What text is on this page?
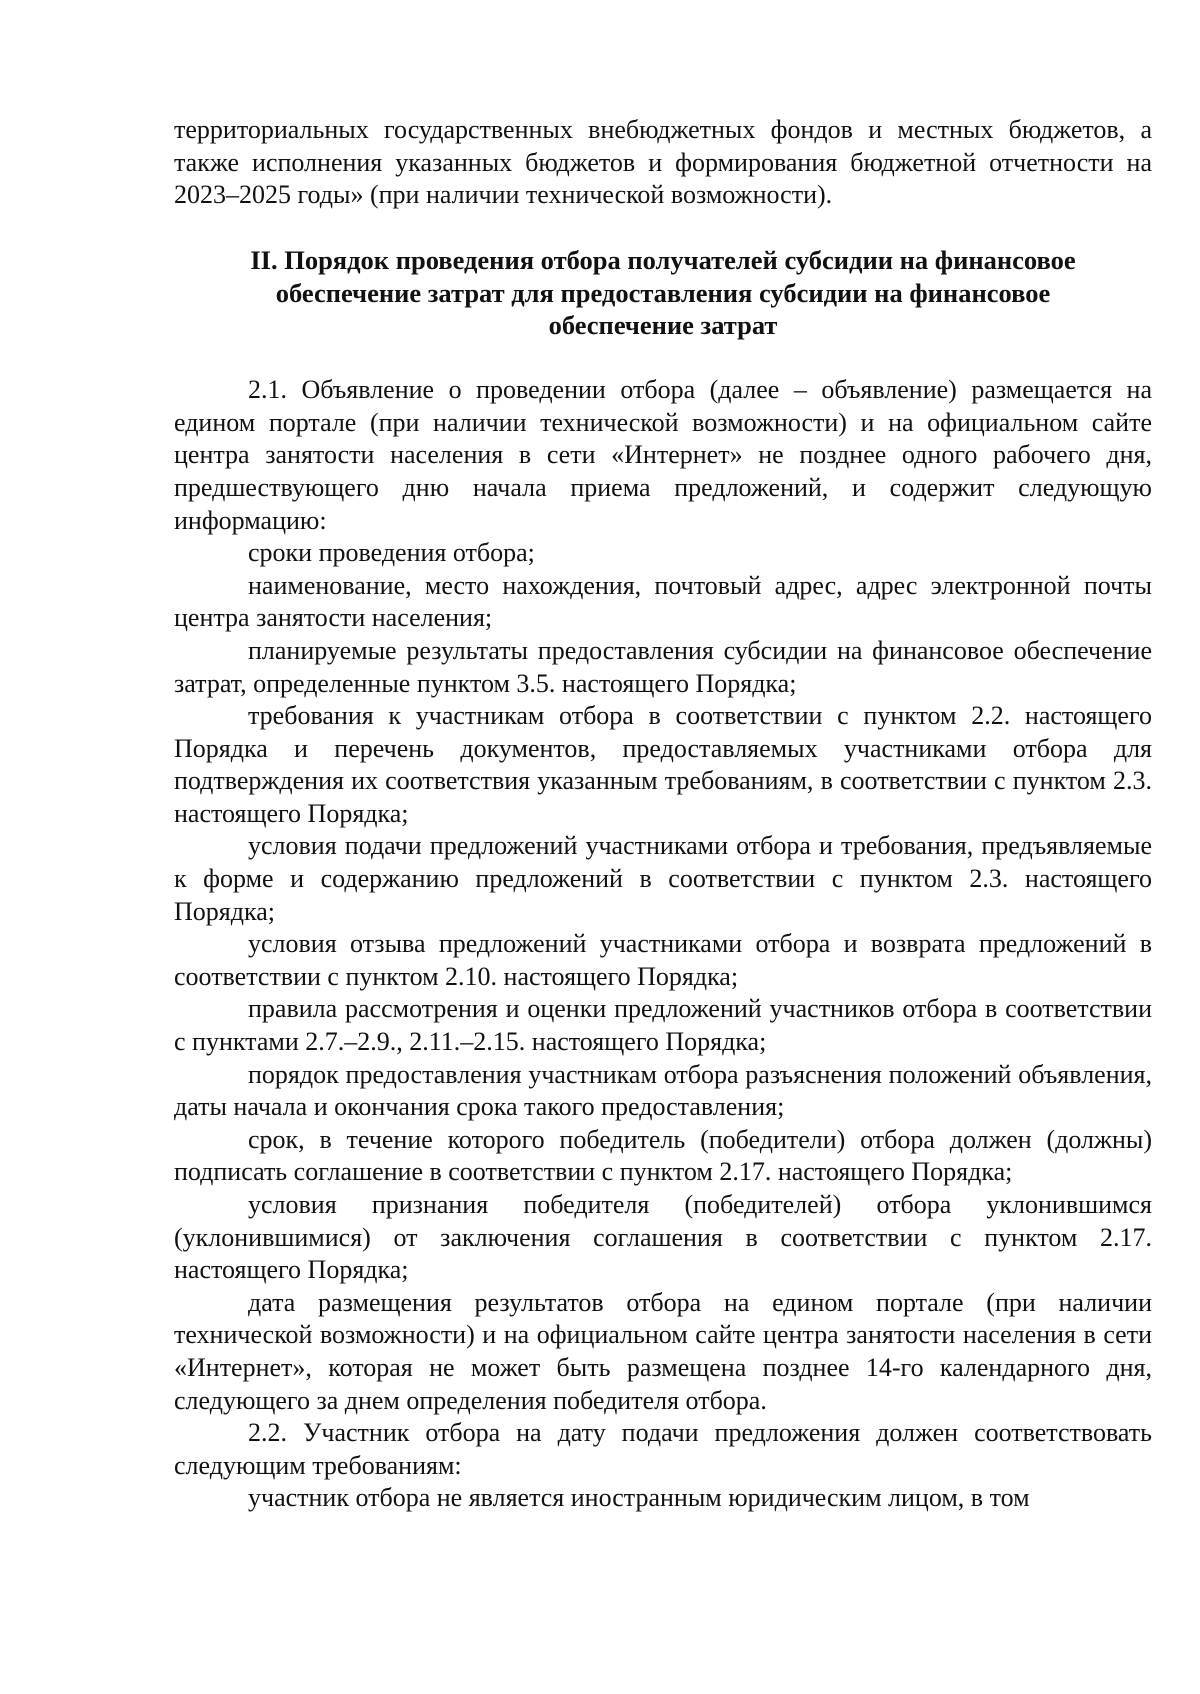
территориальных государственных внебюджетных фондов и местных бюджетов, а также исполнения указанных бюджетов и формирования бюджетной отчетности на 2023–2025 годы» (при наличии технической возможности).

II. Порядок проведения отбора получателей субсидии на финансовое
обеспечение затрат для предоставления субсидии на финансовое
обеспечение затрат

2.1. Объявление о проведении отбора (далее – объявление) размещается на едином портале (при наличии технической возможности) и на официальном сайте центра занятости населения в сети «Интернет» не позднее одного рабочего дня, предшествующего дню начала приема предложений, и содержит следующую информацию:

сроки проведения отбора;

наименование, место нахождения, почтовый адрес, адрес электронной почты центра занятости населения;

планируемые результаты предоставления субсидии на финансовое обеспечение затрат, определенные пунктом 3.5. настоящего Порядка;

требования к участникам отбора в соответствии с пунктом 2.2. настоящего Порядка и перечень документов, предоставляемых участниками отбора для подтверждения их соответствия указанным требованиям, в соответствии с пунктом 2.3. настоящего Порядка;

условия подачи предложений участниками отбора и требования, предъявляемые к форме и содержанию предложений в соответствии с пунктом 2.3. настоящего Порядка;

условия отзыва предложений участниками отбора и возврата предложений в соответствии с пунктом 2.10. настоящего Порядка;

правила рассмотрения и оценки предложений участников отбора в соответствии с пунктами 2.7.–2.9., 2.11.–2.15. настоящего Порядка;

порядок предоставления участникам отбора разъяснения положений объявления, даты начала и окончания срока такого предоставления;

срок, в течение которого победитель (победители) отбора должен (должны) подписать соглашение в соответствии с пунктом 2.17. настоящего Порядка;

условия признания победителя (победителей) отбора уклонившимся (уклонившимися) от заключения соглашения в соответствии с пунктом 2.17. настоящего Порядка;

дата размещения результатов отбора на едином портале (при наличии технической возможности) и на официальном сайте центра занятости населения в сети «Интернет», которая не может быть размещена позднее 14-го календарного дня, следующего за днем определения победителя отбора.

2.2. Участник отбора на дату подачи предложения должен соответствовать следующим требованиям:

участник отбора не является иностранным юридическим лицом, в том
